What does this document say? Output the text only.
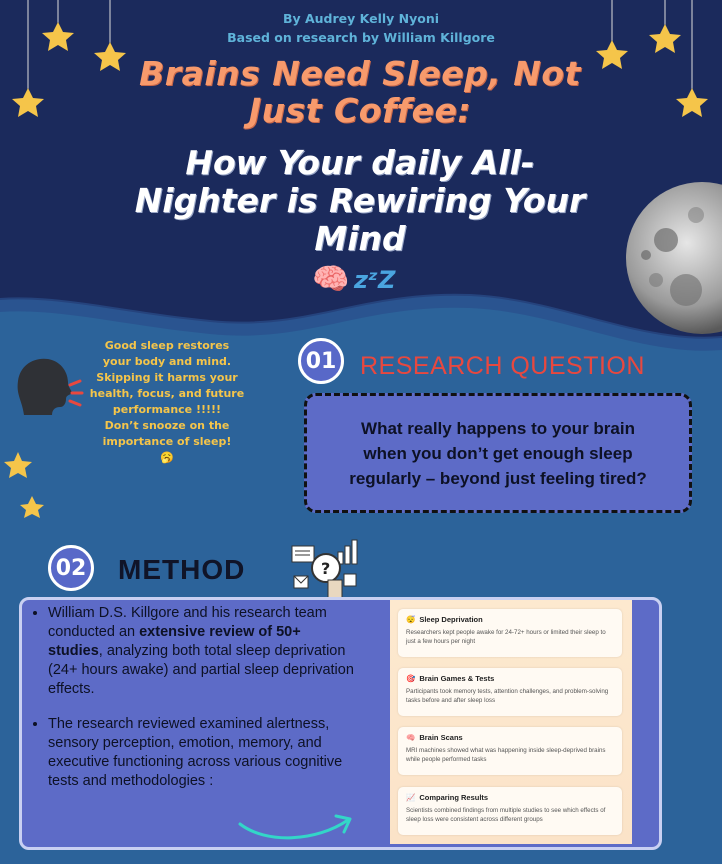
By Audrey Kelly Nyoni
Based on research by William Killgore
Brains Need Sleep, Not
Just Coffee:
How Your daily All-
Nighter is Rewiring Your
Mind
🧠 zᶻZ
Good sleep restores
your body and mind.
Skipping it harms your
health, focus, and future
performance !!!!!
Don’t snooze on the
importance of sleep!
🥱
01 RESEARCH QUESTION
What really happens to your brain when you don’t get enough sleep regularly – beyond just feeling tired?
02 METHOD	?
• William D.S. Killgore and his research team conducted an extensive review of 50+ studies, analyzing both total sleep deprivation (24+ hours awake) and partial sleep deprivation effects.
• The research reviewed examined alertness, sensory perception, emotion, memory, and executive functioning across various cognitive tests and methodologies :
😴 Sleep Deprivation
Researchers kept people awake for 24-72+ hours or limited their sleep to just a few hours per night
🎯 Brain Games & Tests
Participants took memory tests, attention challenges, and problem-solving tasks before and after sleep loss
🧠 Brain Scans
MRI machines showed what was happening inside sleep-deprived brains while people performed tasks
📈 Comparing Results
Scientists combined findings from multiple studies to see which effects of sleep loss were consistent across different groups
